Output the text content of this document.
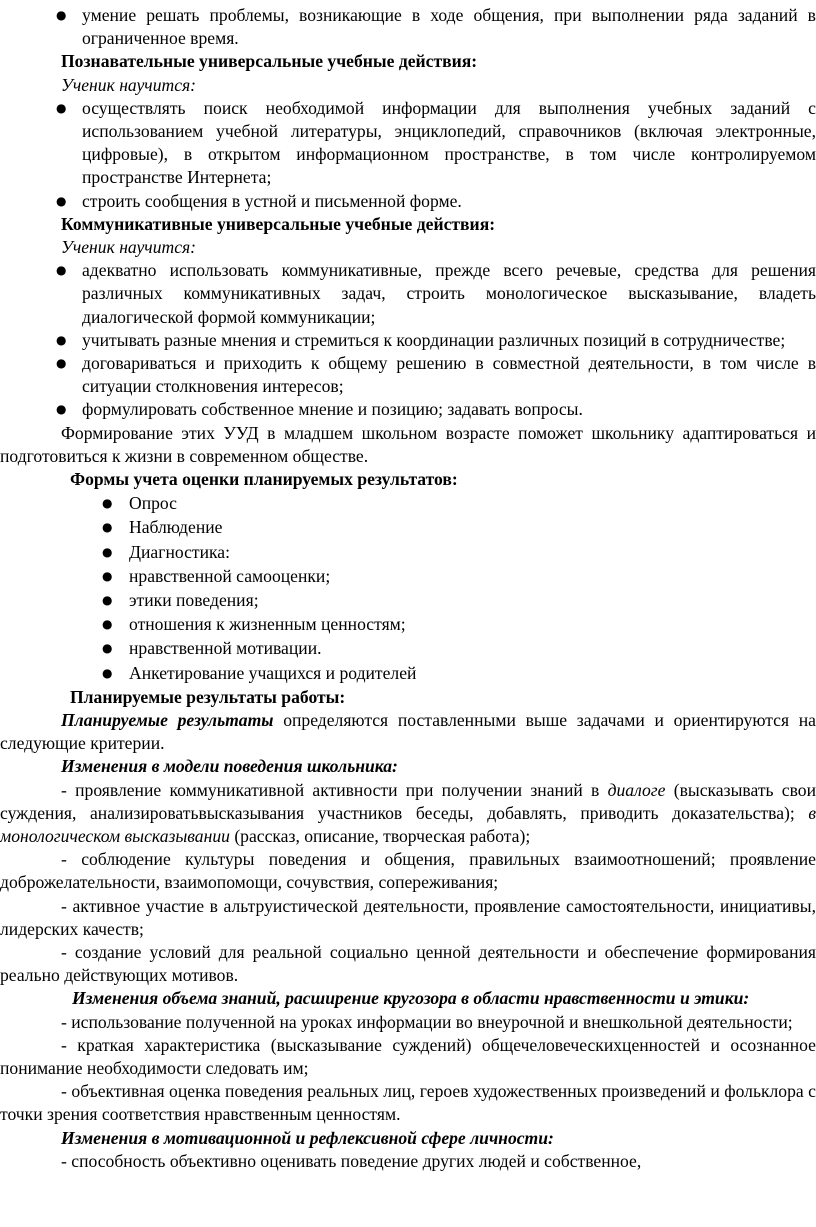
● умение решать проблемы, возникающие в ходе общения, при выполнении ряда заданий в ограниченное время.
Познавательные универсальные учебные действия:
Ученик научится:
● осуществлять поиск необходимой информации для выполнения учебных заданий с использованием учебной литературы, энциклопедий, справочников (включая электронные, цифровые), в открытом информационном пространстве, в том числе контролируемом пространстве Интернета;
● строить сообщения в устной и письменной форме.
Коммуникативные универсальные учебные действия:
Ученик научится:
● адекватно использовать коммуникативные, прежде всего речевые, средства для решения различных коммуникативных задач, строить монологическое высказывание, владеть диалогической формой коммуникации;
● учитывать разные мнения и стремиться к координации различных позиций в сотрудничестве;
● договариваться и приходить к общему решению в совместной деятельности, в том числе в ситуации столкновения интересов;
● формулировать собственное мнение и позицию; задавать вопросы.
Формирование этих УУД в младшем школьном возрасте поможет школьнику адаптироваться и подготовиться к жизни в современном обществе.
Формы учета оценки планируемых результатов:
● Опрос
● Наблюдение
● Диагностика:
● нравственной самооценки;
● этики поведения;
● отношения к жизненным ценностям;
● нравственной мотивации.
● Анкетирование учащихся и родителей
Планируемые результаты работы:
Планируемые результаты определяются поставленными выше задачами и ориентируются на следующие критерии.
Изменения в модели поведения школьника:
- проявление коммуникативной активности при получении знаний в диалоге (высказывать свои суждения, анализироватьвысказывания участников беседы, добавлять, приводить доказательства); в монологическом высказывании (рассказ, описание, творческая работа);
- соблюдение культуры поведения и общения, правильных взаимоотношений; проявление доброжелательности, взаимопомощи, сочувствия, сопереживания;
- активное участие в альтруистической деятельности, проявление самостоятельности, инициативы, лидерских качеств;
- создание условий для реальной социально ценной деятельности и обеспечение формирования реально действующих мотивов.
Изменения объема знаний, расширение кругозора в области нравственности и этики:
- использование полученной на уроках информации во внеурочной и внешкольной деятельности;
- краткая характеристика (высказывание суждений) общечеловеческихценностей и осознанное понимание необходимости следовать им;
- объективная оценка поведения реальных лиц, героев художественных произведений и фольклора с точки зрения соответствия нравственным ценностям.
Изменения в мотивационной и рефлексивной сфере личности:
- способность объективно оценивать поведение других людей и собственное,
